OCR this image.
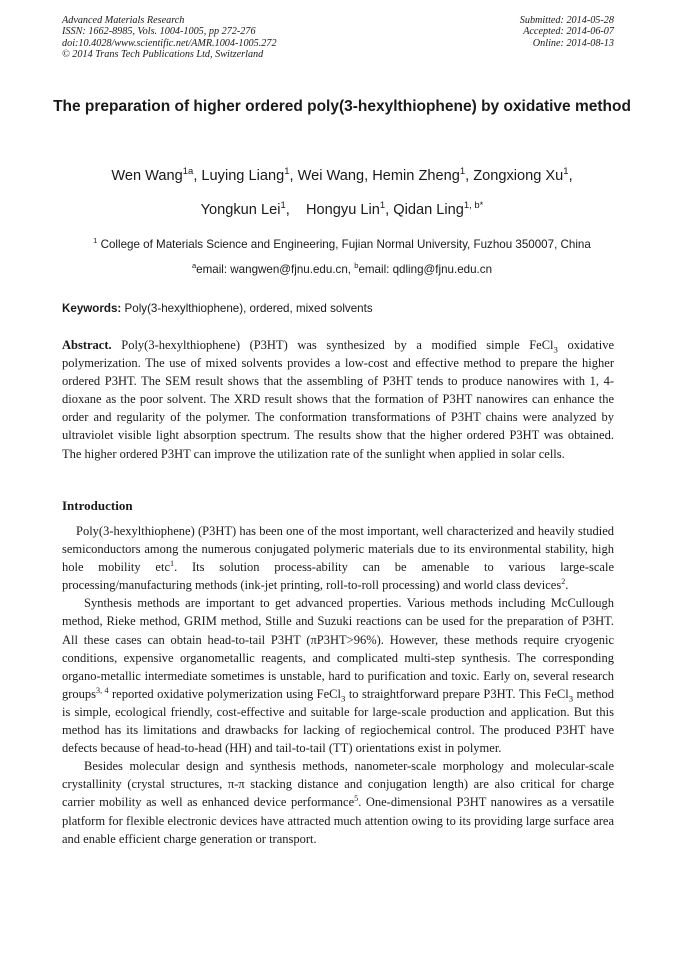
Advanced Materials Research
ISSN: 1662-8985, Vols. 1004-1005, pp 272-276
doi:10.4028/www.scientific.net/AMR.1004-1005.272
© 2014 Trans Tech Publications Ltd, Switzerland
Submitted: 2014-05-28
Accepted: 2014-06-07
Online: 2014-08-13
The preparation of higher ordered poly(3-hexylthiophene) by oxidative method
Wen Wang$^{1a}$, Luying Liang$^1$, Wei Wang, Hemin Zheng$^1$, Zongxiong Xu$^1$,
Yongkun Lei$^1$,    Hongyu Lin$^1$, Qidan Ling$^{1, b*}$
$^1$ College of Materials Science and Engineering, Fujian Normal University, Fuzhou 350007, China
$^a$email: wangwen@fjnu.edu.cn, $^b$email: qdling@fjnu.edu.cn
Keywords: Poly(3-hexylthiophene), ordered, mixed solvents
Abstract. Poly(3-hexylthiophene) (P3HT) was synthesized by a modified simple FeCl$_3$ oxidative polymerization. The use of mixed solvents provides a low-cost and effective method to prepare the higher ordered P3HT. The SEM result shows that the assembling of P3HT tends to produce nanowires with 1, 4-dioxane as the poor solvent. The XRD result shows that the formation of P3HT nanowires can enhance the order and regularity of the polymer. The conformation transformations of P3HT chains were analyzed by ultraviolet visible light absorption spectrum. The results show that the higher ordered P3HT was obtained. The higher ordered P3HT can improve the utilization rate of the sunlight when applied in solar cells.
Introduction

Poly(3-hexylthiophene) (P3HT) has been one of the most important, well characterized and heavily studied semiconductors among the numerous conjugated polymeric materials due to its environmental stability, high hole mobility etc$^1$. Its solution process-ability can be amenable to various large-scale processing/manufacturing methods (ink-jet printing, roll-to-roll processing) and world class devices$^2$.

Synthesis methods are important to get advanced properties. Various methods including McCullough method, Rieke method, GRIM method, Stille and Suzuki reactions can be used for the preparation of P3HT. All these cases can obtain head-to-tail P3HT (πP3HT>96%). However, these methods require cryogenic conditions, expensive organometallic reagents, and complicated multi-step synthesis. The corresponding organo-metallic intermediate sometimes is unstable, hard to purification and toxic. Early on, several research groups$^{3, 4}$ reported oxidative polymerization using FeCl$_3$ to straightforward prepare P3HT. This FeCl$_3$ method is simple, ecological friendly, cost-effective and suitable for large-scale production and application. But this method has its limitations and drawbacks for lacking of regiochemical control. The produced P3HT have defects because of head-to-head (HH) and tail-to-tail (TT) orientations exist in polymer.

Besides molecular design and synthesis methods, nanometer-scale morphology and molecular-scale crystallinity (crystal structures, π-π stacking distance and conjugation length) are also critical for charge carrier mobility as well as enhanced device performance$^5$. One-dimensional P3HT nanowires as a versatile platform for flexible electronic devices have attracted much attention owing to its providing large surface area and enable efficient charge generation or transport.
